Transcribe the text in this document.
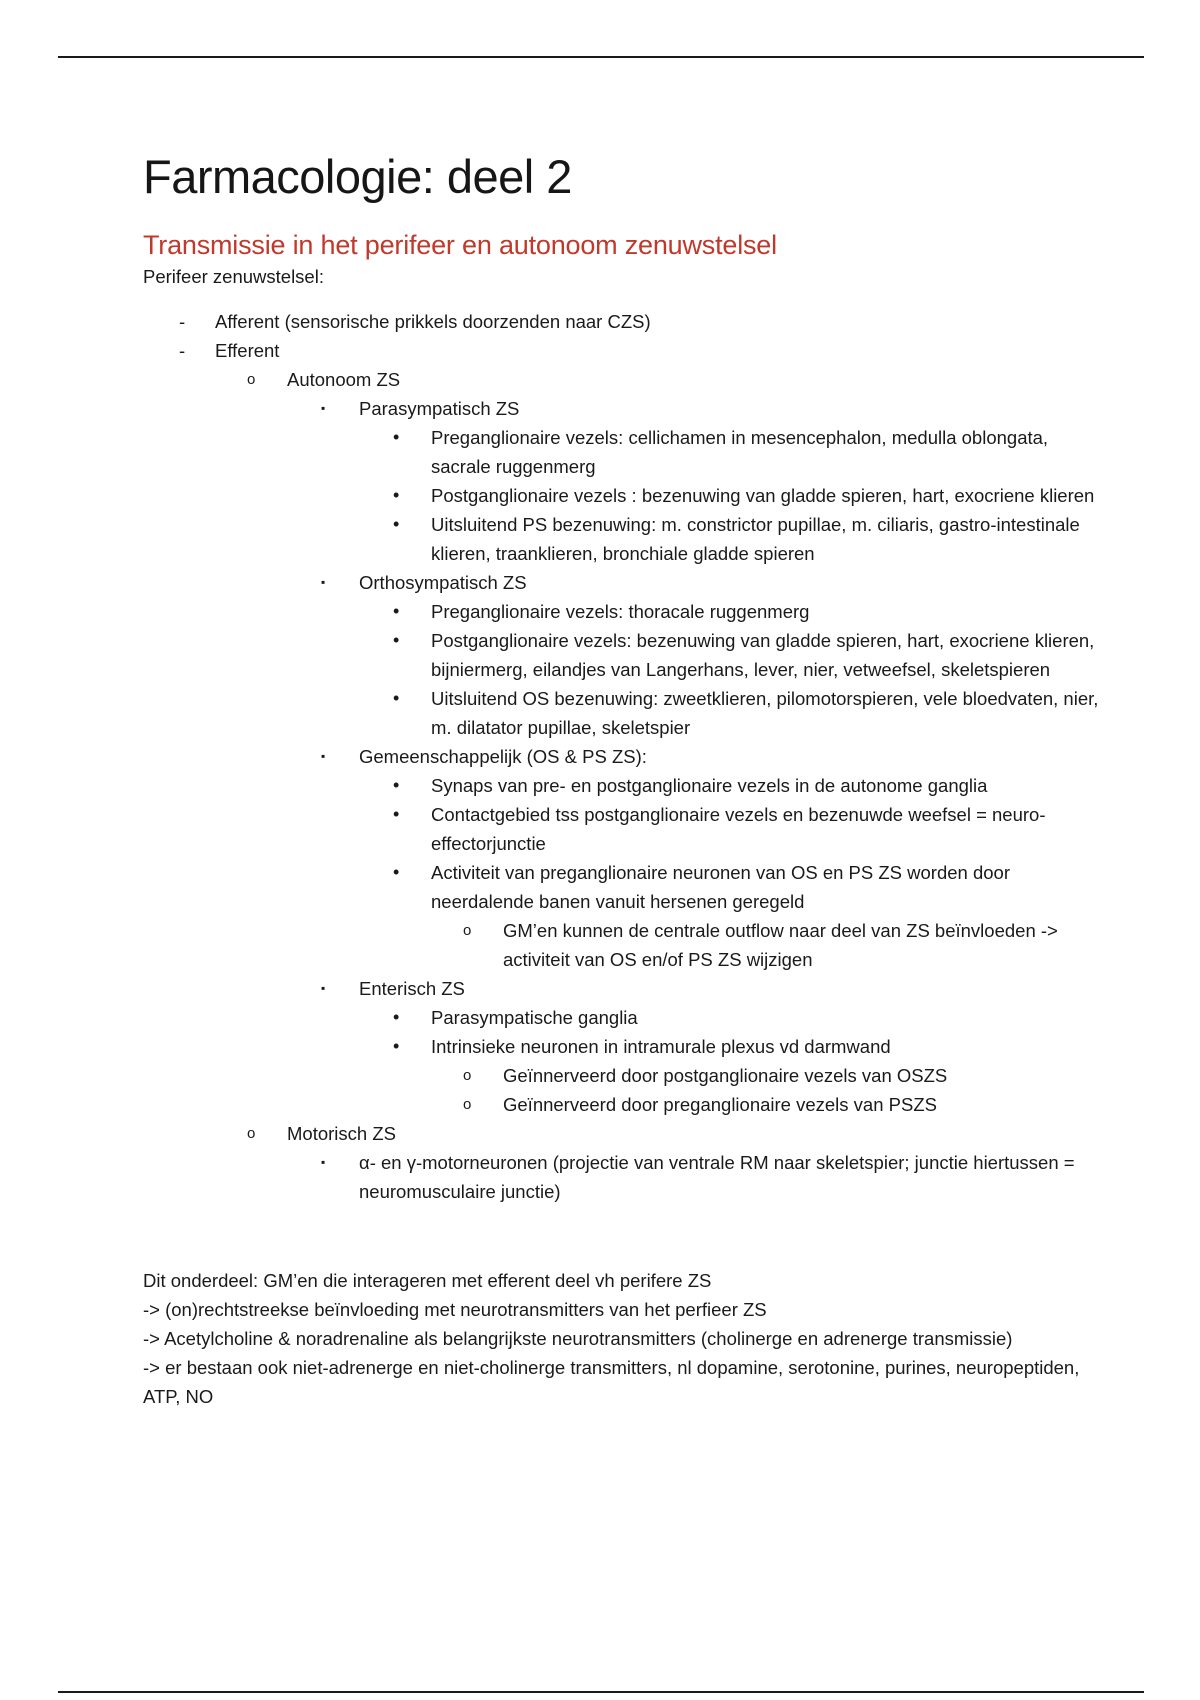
Farmacologie: deel 2
Transmissie in het perifeer en autonoom zenuwstelsel
Perifeer zenuwstelsel:
- Afferent (sensorische prikkels doorzenden naar CZS)
- Efferent
o Autonoom ZS
▪ Parasympatisch ZS
• Preganglionaire vezels: cellichamen in mesencephalon, medulla oblongata, sacrale ruggenmerg
• Postganglionaire vezels : bezenuwing van gladde spieren, hart, exocriene klieren
• Uitsluitend PS bezenuwing: m. constrictor pupillae, m. ciliaris, gastro-intestinale klieren, traanklieren, bronchiale gladde spieren
▪ Orthosympatisch ZS
• Preganglionaire vezels: thoracale ruggenmerg
• Postganglionaire vezels: bezenuwing van gladde spieren, hart, exocriene klieren, bijniermerg, eilandjes van Langerhans, lever, nier, vetweefsel, skeletspieren
• Uitsluitend OS bezenuwing: zweetklieren, pilomotorspieren, vele bloedvaten, nier, m. dilatator pupillae, skeletspier
▪ Gemeenschappelijk (OS & PS ZS):
• Synaps van pre- en postganglionaire vezels in de autonome ganglia
• Contactgebied tss postganglionaire vezels en bezenuwde weefsel = neuro-effectorjunctie
• Activiteit van preganglionaire neuronen van OS en PS ZS worden door neerdalende banen vanuit hersenen geregeld
o GM’en kunnen de centrale outflow naar deel van ZS beïnvloeden -> activiteit van OS en/of PS ZS wijzigen
▪ Enterisch ZS
• Parasympatische ganglia
• Intrinsieke neuronen in intramurale plexus vd darmwand
o Geïnnerveerd door postganglionaire vezels van OSZS
o Geïnnerveerd door preganglionaire vezels van PSZS
o Motorisch ZS
▪ α- en γ-motorneuronen (projectie van ventrale RM naar skeletspier; junctie hiertussen = neuromusculaire junctie)

Dit onderdeel: GM’en die interageren met efferent deel vh perifere ZS

-> (on)rechtstreekse beïnvloeding met neurotransmitters van het perfieer ZS

-> Acetylcholine & noradrenaline als belangrijkste neurotransmitters (cholinerge en adrenerge transmissie)

-> er bestaan ook niet-adrenerge en niet-cholinerge transmitters, nl dopamine, serotonine, purines, neuropeptiden, ATP, NO
